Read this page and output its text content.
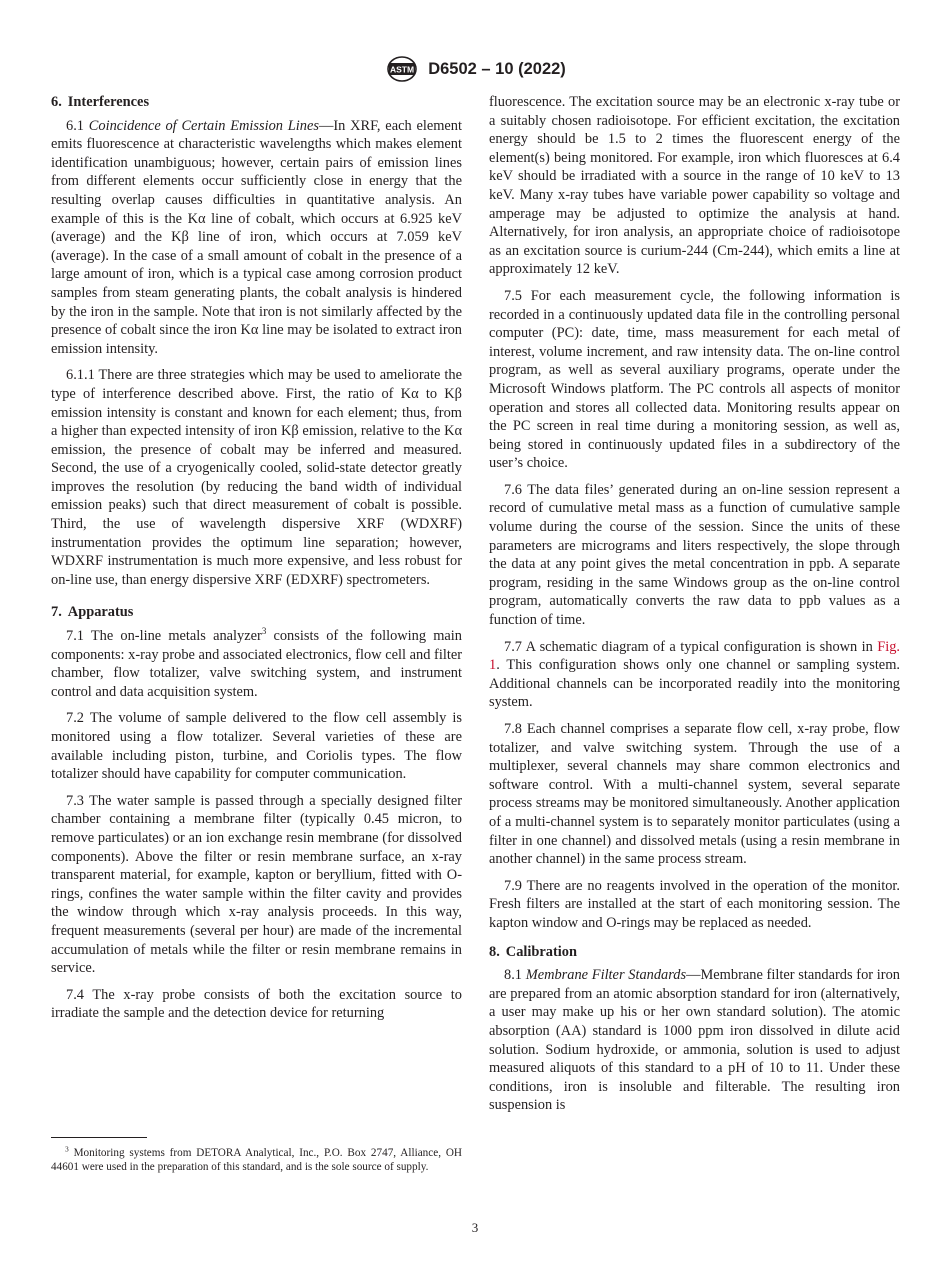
ASTM D6502 – 10 (2022)
6. Interferences

6.1 Coincidence of Certain Emission Lines—In XRF, each element emits fluorescence at characteristic wavelengths which makes element identification unambiguous; however, certain pairs of emission lines from different elements occur sufficiently close in energy that the resulting overlap causes difficulties in quantitative analysis. An example of this is the Kα line of cobalt, which occurs at 6.925 keV (average) and the Kβ line of iron, which occurs at 7.059 keV (average). In the case of a small amount of cobalt in the presence of a large amount of iron, which is a typical case among corrosion product samples from steam generating plants, the cobalt analysis is hindered by the iron in the sample. Note that iron is not similarly affected by the presence of cobalt since the iron Kα line may be isolated to extract iron emission intensity.

6.1.1 There are three strategies which may be used to ameliorate the type of interference described above. First, the ratio of Kα to Kβ emission intensity is constant and known for each element; thus, from a higher than expected intensity of iron Kβ emission, relative to the Kα emission, the presence of cobalt may be inferred and measured. Second, the use of a cryogenically cooled, solid-state detector greatly improves the resolution (by reducing the band width of individual emission peaks) such that direct measurement of cobalt is possible. Third, the use of wavelength dispersive XRF (WDXRF) instrumentation provides the optimum line separation; however, WDXRF instrumentation is much more expensive, and less robust for on-line use, than energy dispersive XRF (EDXRF) spectrometers.

7. Apparatus

7.1 The on-line metals analyzer$^3$ consists of the following main components: x-ray probe and associated electronics, flow cell and filter chamber, flow totalizer, valve switching system, and instrument control and data acquisition system.

7.2 The volume of sample delivered to the flow cell assembly is monitored using a flow totalizer. Several varieties of these are available including piston, turbine, and Coriolis types. The flow totalizer should have capability for computer communication.

7.3 The water sample is passed through a specially designed filter chamber containing a membrane filter (typically 0.45 micron, to remove particulates) or an ion exchange resin membrane (for dissolved components). Above the filter or resin membrane surface, an x-ray transparent material, for example, kapton or beryllium, fitted with O-rings, confines the water sample within the filter cavity and provides the window through which x-ray analysis proceeds. In this way, frequent measurements (several per hour) are made of the incremental accumulation of metals while the filter or resin membrane remains in service.

7.4 The x-ray probe consists of both the excitation source to irradiate the sample and the detection device for returning

$^3$ Monitoring systems from DETORA Analytical, Inc., P.O. Box 2747, Alliance, OH 44601 were used in the preparation of this standard, and is the sole source of supply.

fluorescence. The excitation source may be an electronic x-ray tube or a suitably chosen radioisotope. For efficient excitation, the excitation energy should be 1.5 to 2 times the fluorescent energy of the element(s) being monitored. For example, iron which fluoresces at 6.4 keV should be irradiated with a source in the range of 10 keV to 13 keV. Many x-ray tubes have variable power capability so voltage and amperage may be adjusted to optimize the analysis at hand. Alternatively, for iron analysis, an appropriate choice of radioisotope as an excitation source is curium-244 (Cm-244), which emits a line at approximately 12 keV.

7.5 For each measurement cycle, the following information is recorded in a continuously updated data file in the controlling personal computer (PC): date, time, mass measurement for each metal of interest, volume increment, and raw intensity data. The on-line control program, as well as several auxiliary programs, operate under the Microsoft Windows platform. The PC controls all aspects of monitor operation and stores all collected data. Monitoring results appear on the PC screen in real time during a monitoring session, as well as, being stored in continuously updated files in a subdirectory of the user’s choice.

7.6 The data files’ generated during an on-line session represent a record of cumulative metal mass as a function of cumulative sample volume during the course of the session. Since the units of these parameters are micrograms and liters respectively, the slope through the data at any point gives the metal concentration in ppb. A separate program, residing in the same Windows group as the on-line control program, automatically converts the raw data to ppb values as a function of time.

7.7 A schematic diagram of a typical configuration is shown in Fig. 1. This configuration shows only one channel or sampling system. Additional channels can be incorporated readily into the monitoring system.

7.8 Each channel comprises a separate flow cell, x-ray probe, flow totalizer, and valve switching system. Through the use of a multiplexer, several channels may share common electronics and software control. With a multi-channel system, several separate process streams may be monitored simultaneously. Another application of a multi-channel system is to separately monitor particulates (using a filter in one channel) and dissolved metals (using a resin membrane in another channel) in the same process stream.

7.9 There are no reagents involved in the operation of the monitor. Fresh filters are installed at the start of each monitoring session. The kapton window and O-rings may be replaced as needed.

8. Calibration

8.1 Membrane Filter Standards—Membrane filter standards for iron are prepared from an atomic absorption standard for iron (alternatively, a user may make up his or her own standard solution). The atomic absorption (AA) standard is 1000 ppm iron dissolved in dilute acid solution. Sodium hydroxide, or ammonia, solution is used to adjust measured aliquots of this standard to a pH of 10 to 11. Under these conditions, iron is insoluble and filterable. The resulting iron suspension is

3
